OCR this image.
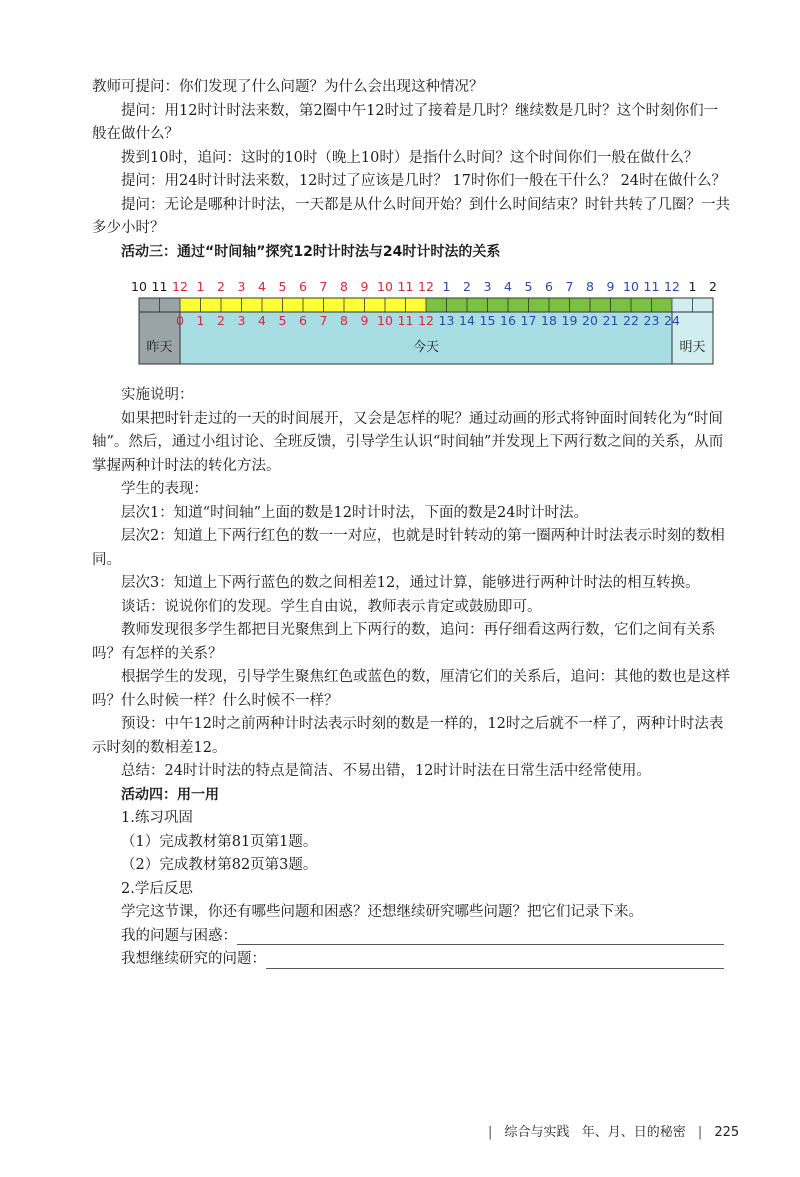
教师可提问：你们发现了什么问题？为什么会出现这种情况？

提问：用12时计时法来数，第2圈中午12时过了接着是几时？继续数是几时？这个时刻你们一般在做什么？

拨到10时，追问：这时的10时（晚上10时）是指什么时间？这个时间你们一般在做什么？

提问：用24时计时法来数，12时过了应该是几时？ 17时你们一般在干什么？ 24时在做什么？

提问：无论是哪种计时法，一天都是从什么时间开始？到什么时间结束？时针共转了几圈？一共多少小时？

活动三：通过“时间轴”探究12时计时法与24时计时法的关系

10 11 12 1 2 3 4 5 6 7 8 9 10 11 12 1 2 3 4 5 6 7 8 9 10 11 12 1 2
0 1 2 3 4 5 6 7 8 9 10 11 12 13 14 15 16 17 18 19 20 21 22 23 24
昨天	今天	明天

实施说明：

如果把时针走过的一天的时间展开，又会是怎样的呢？通过动画的形式将钟面时间转化为“时间轴”。然后，通过小组讨论、全班反馈，引导学生认识“时间轴”并发现上下两行数之间的关系，从而掌握两种计时法的转化方法。

学生的表现：

层次1：知道“时间轴”上面的数是12时计时法，下面的数是24时计时法。

层次2：知道上下两行红色的数一一对应，也就是时针转动的第一圈两种计时法表示时刻的数相同。

层次3：知道上下两行蓝色的数之间相差12，通过计算，能够进行两种计时法的相互转换。

谈话：说说你们的发现。学生自由说，教师表示肯定或鼓励即可。

教师发现很多学生都把目光聚焦到上下两行的数，追问：再仔细看这两行数，它们之间有关系吗？有怎样的关系？

根据学生的发现，引导学生聚焦红色或蓝色的数，厘清它们的关系后，追问：其他的数也是这样吗？什么时候一样？什么时候不一样？

预设：中午12时之前两种计时法表示时刻的数是一样的，12时之后就不一样了，两种计时法表示时刻的数相差12。

总结：24时计时法的特点是简洁、不易出错，12时计时法在日常生活中经常使用。

活动四：用一用

1.练习巩固

（1）完成教材第81页第1题。

（2）完成教材第82页第3题。

2.学后反思

学完这节课，你还有哪些问题和困惑？还想继续研究哪些问题？把它们记录下来。

我的问题与困惑：
我想继续研究的问题：
| 综合与实践 年、月、日的秘密 | 225
